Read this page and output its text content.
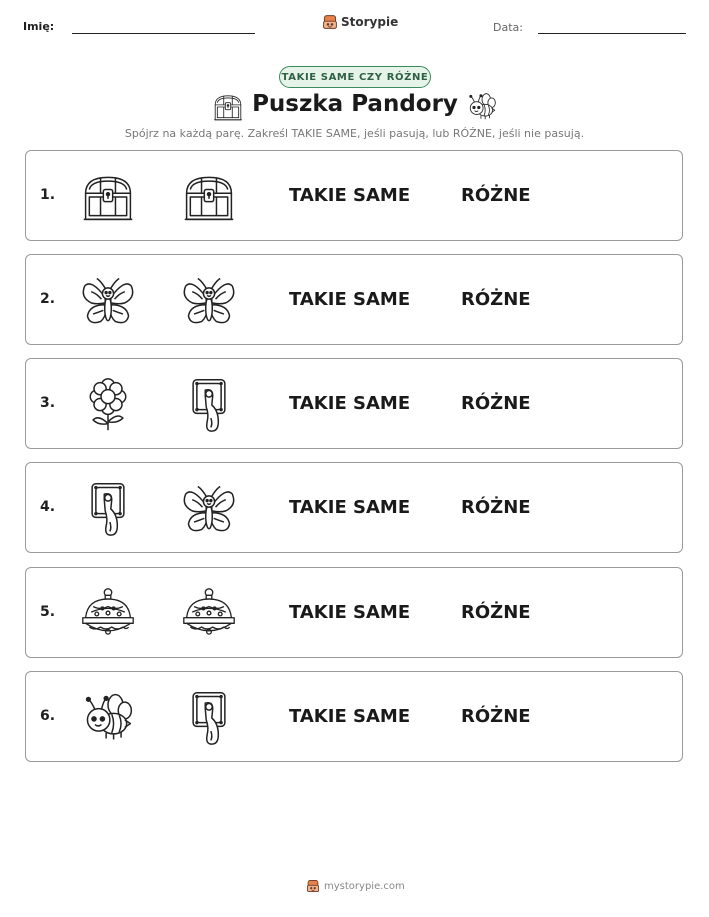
Imię:	Storypie	Data:
TAKIE SAME CZY RÓŻNE
Puszka Pandory
Spójrz na każdą parę. Zakreśl TAKIE SAME, jeśli pasują, lub RÓŻNE, jeśli nie pasują.
1.	TAKIE SAME	RÓŻNE
2.	TAKIE SAME	RÓŻNE
3.	TAKIE SAME	RÓŻNE
4.	TAKIE SAME	RÓŻNE
5.	TAKIE SAME	RÓŻNE
6.	TAKIE SAME	RÓŻNE
mystorypie.com
